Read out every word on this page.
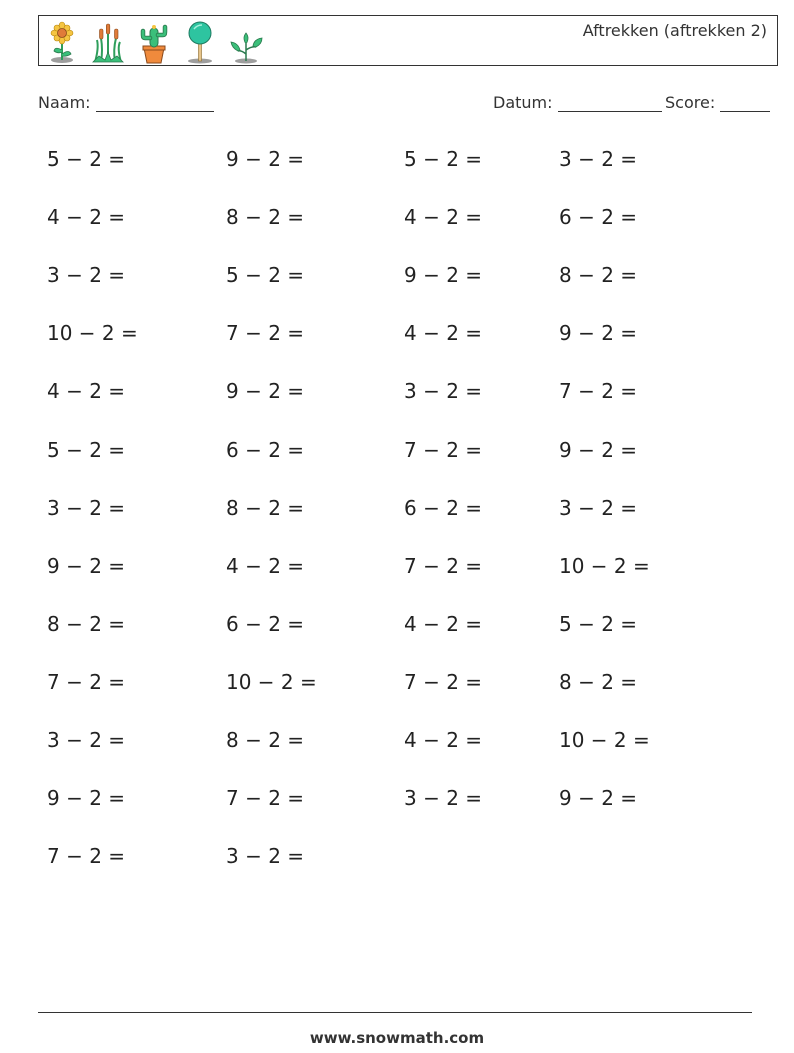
Aftrekken (aftrekken 2)
Naam:	Datum:	Score:
5 − 2 =	9 − 2 =	5 − 2 =	3 − 2 =
4 − 2 =	8 − 2 =	4 − 2 =	6 − 2 =
3 − 2 =	5 − 2 =	9 − 2 =	8 − 2 =
10 − 2 =	7 − 2 =	4 − 2 =	9 − 2 =
4 − 2 =	9 − 2 =	3 − 2 =	7 − 2 =
5 − 2 =	6 − 2 =	7 − 2 =	9 − 2 =
3 − 2 =	8 − 2 =	6 − 2 =	3 − 2 =
9 − 2 =	4 − 2 =	7 − 2 =	10 − 2 =
8 − 2 =	6 − 2 =	4 − 2 =	5 − 2 =
7 − 2 =	10 − 2 =	7 − 2 =	8 − 2 =
3 − 2 =	8 − 2 =	4 − 2 =	10 − 2 =
9 − 2 =	7 − 2 =	3 − 2 =	9 − 2 =
7 − 2 =	3 − 2 =
www.snowmath.com
